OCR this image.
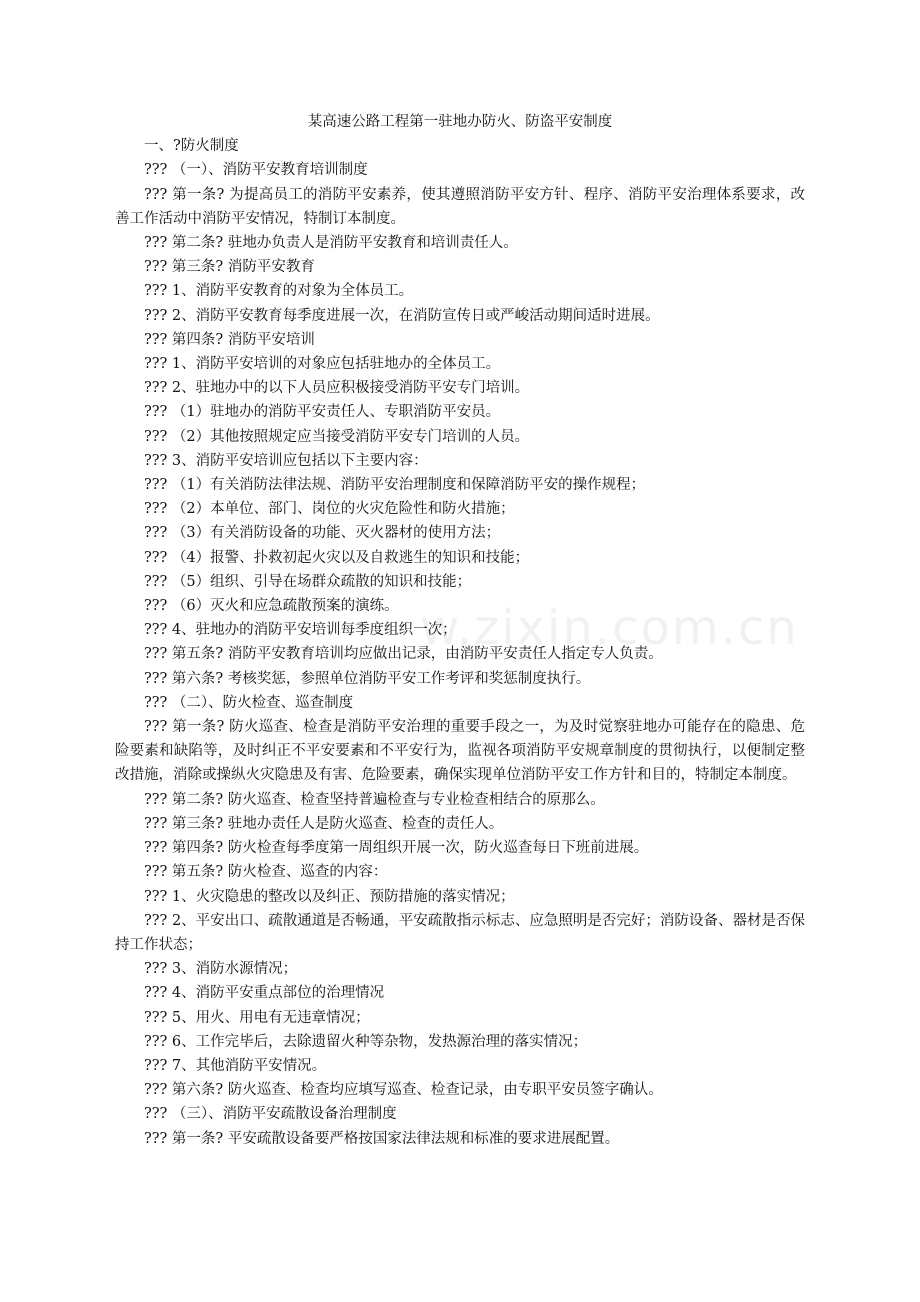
w.zixin.com.cn
某高速公路工程第一驻地办防火、防盗平安制度

一、?防火制度

??? （一）、消防平安教育培训制度

??? 第一条? 为提高员工的消防平安素养，使其遵照消防平安方针、程序、消防平安治理体系要求，改善工作活动中消防平安情况，特制订本制度。

??? 第二条? 驻地办负责人是消防平安教育和培训责任人。

??? 第三条? 消防平安教育

??? 1、消防平安教育的对象为全体员工。

??? 2、消防平安教育每季度进展一次，在消防宣传日或严峻活动期间适时进展。

??? 第四条? 消防平安培训

??? 1、消防平安培训的对象应包括驻地办的全体员工。

??? 2、驻地办中的以下人员应积极接受消防平安专门培训。

??? （1）驻地办的消防平安责任人、专职消防平安员。

??? （2）其他按照规定应当接受消防平安专门培训的人员。

??? 3、消防平安培训应包括以下主要内容：

??? （1）有关消防法律法规、消防平安治理制度和保障消防平安的操作规程；

??? （2）本单位、部门、岗位的火灾危险性和防火措施；

??? （3）有关消防设备的功能、灭火器材的使用方法；

??? （4）报警、扑救初起火灾以及自救逃生的知识和技能；

??? （5）组织、引导在场群众疏散的知识和技能；

??? （6）灭火和应急疏散预案的演练。

??? 4、驻地办的消防平安培训每季度组织一次；

??? 第五条? 消防平安教育培训均应做出记录，由消防平安责任人指定专人负责。

??? 第六条? 考核奖惩，参照单位消防平安工作考评和奖惩制度执行。

??? （二）、防火检查、巡查制度

??? 第一条? 防火巡查、检查是消防平安治理的重要手段之一，为及时觉察驻地办可能存在的隐患、危险要素和缺陷等，及时纠正不平安要素和不平安行为，监视各项消防平安规章制度的贯彻执行，以便制定整改措施，消除或操纵火灾隐患及有害、危险要素，确保实现单位消防平安工作方针和目的，特制定本制度。

??? 第二条? 防火巡查、检查坚持普遍检查与专业检查相结合的原那么。

??? 第三条? 驻地办责任人是防火巡查、检查的责任人。

??? 第四条? 防火检查每季度第一周组织开展一次，防火巡查每日下班前进展。

??? 第五条? 防火检查、巡查的内容：

??? 1、火灾隐患的整改以及纠正、预防措施的落实情况；

??? 2、平安出口、疏散通道是否畅通，平安疏散指示标志、应急照明是否完好；消防设备、器材是否保持工作状态；

??? 3、消防水源情况；

??? 4、消防平安重点部位的治理情况

??? 5、用火、用电有无违章情况；

??? 6、工作完毕后，去除遗留火种等杂物，发热源治理的落实情况；

??? 7、其他消防平安情况。

??? 第六条? 防火巡查、检查均应填写巡查、检查记录，由专职平安员签字确认。

??? （三）、消防平安疏散设备治理制度

??? 第一条? 平安疏散设备要严格按国家法律法规和标准的要求进展配置。
